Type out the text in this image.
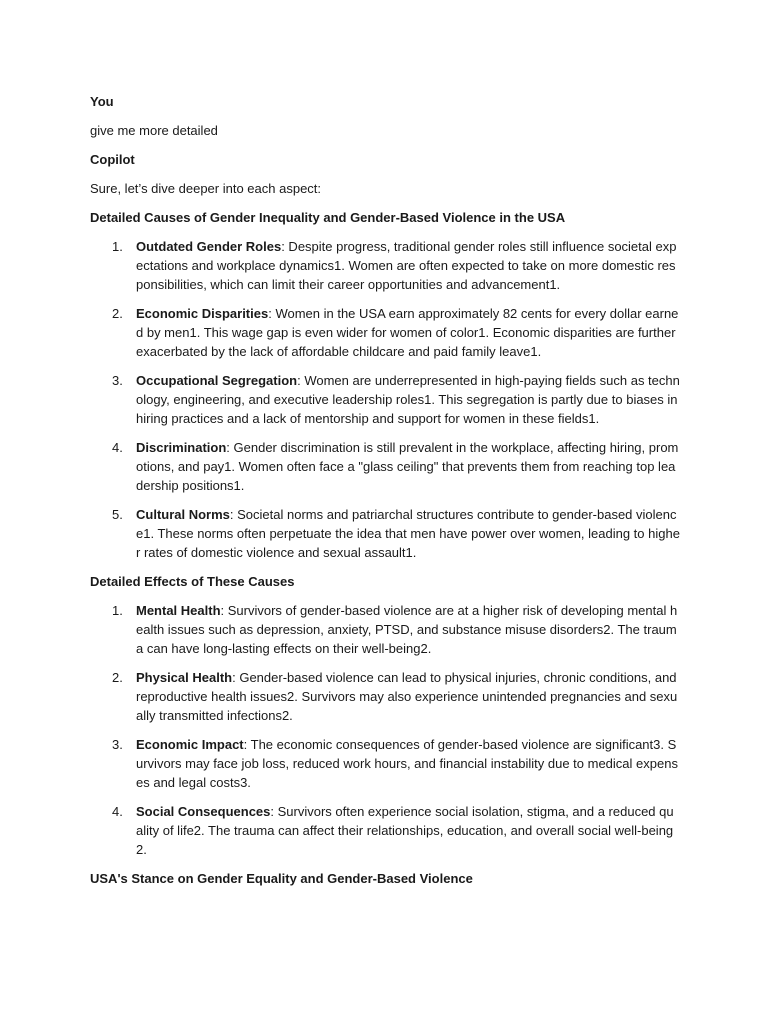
You

give me more detailed

Copilot

Sure, let’s dive deeper into each aspect:

Detailed Causes of Gender Inequality and Gender-Based Violence in the USA

1. Outdated Gender Roles: Despite progress, traditional gender roles still influence societal expectations and workplace dynamics1. Women are often expected to take on more domestic responsibilities, which can limit their career opportunities and advancement1.
2. Economic Disparities: Women in the USA earn approximately 82 cents for every dollar earned by men1. This wage gap is even wider for women of color1. Economic disparities are further exacerbated by the lack of affordable childcare and paid family leave1.
3. Occupational Segregation: Women are underrepresented in high-paying fields such as technology, engineering, and executive leadership roles1. This segregation is partly due to biases in hiring practices and a lack of mentorship and support for women in these fields1.
4. Discrimination: Gender discrimination is still prevalent in the workplace, affecting hiring, promotions, and pay1. Women often face a "glass ceiling" that prevents them from reaching top leadership positions1.
5. Cultural Norms: Societal norms and patriarchal structures contribute to gender-based violence1. These norms often perpetuate the idea that men have power over women, leading to higher rates of domestic violence and sexual assault1.

Detailed Effects of These Causes

1. Mental Health: Survivors of gender-based violence are at a higher risk of developing mental health issues such as depression, anxiety, PTSD, and substance misuse disorders2. The trauma can have long-lasting effects on their well-being2.
2. Physical Health: Gender-based violence can lead to physical injuries, chronic conditions, and reproductive health issues2. Survivors may also experience unintended pregnancies and sexually transmitted infections2.
3. Economic Impact: The economic consequences of gender-based violence are significant3. Survivors may face job loss, reduced work hours, and financial instability due to medical expenses and legal costs3.
4. Social Consequences: Survivors often experience social isolation, stigma, and a reduced quality of life2. The trauma can affect their relationships, education, and overall social well-being2.

USA's Stance on Gender Equality and Gender-Based Violence
